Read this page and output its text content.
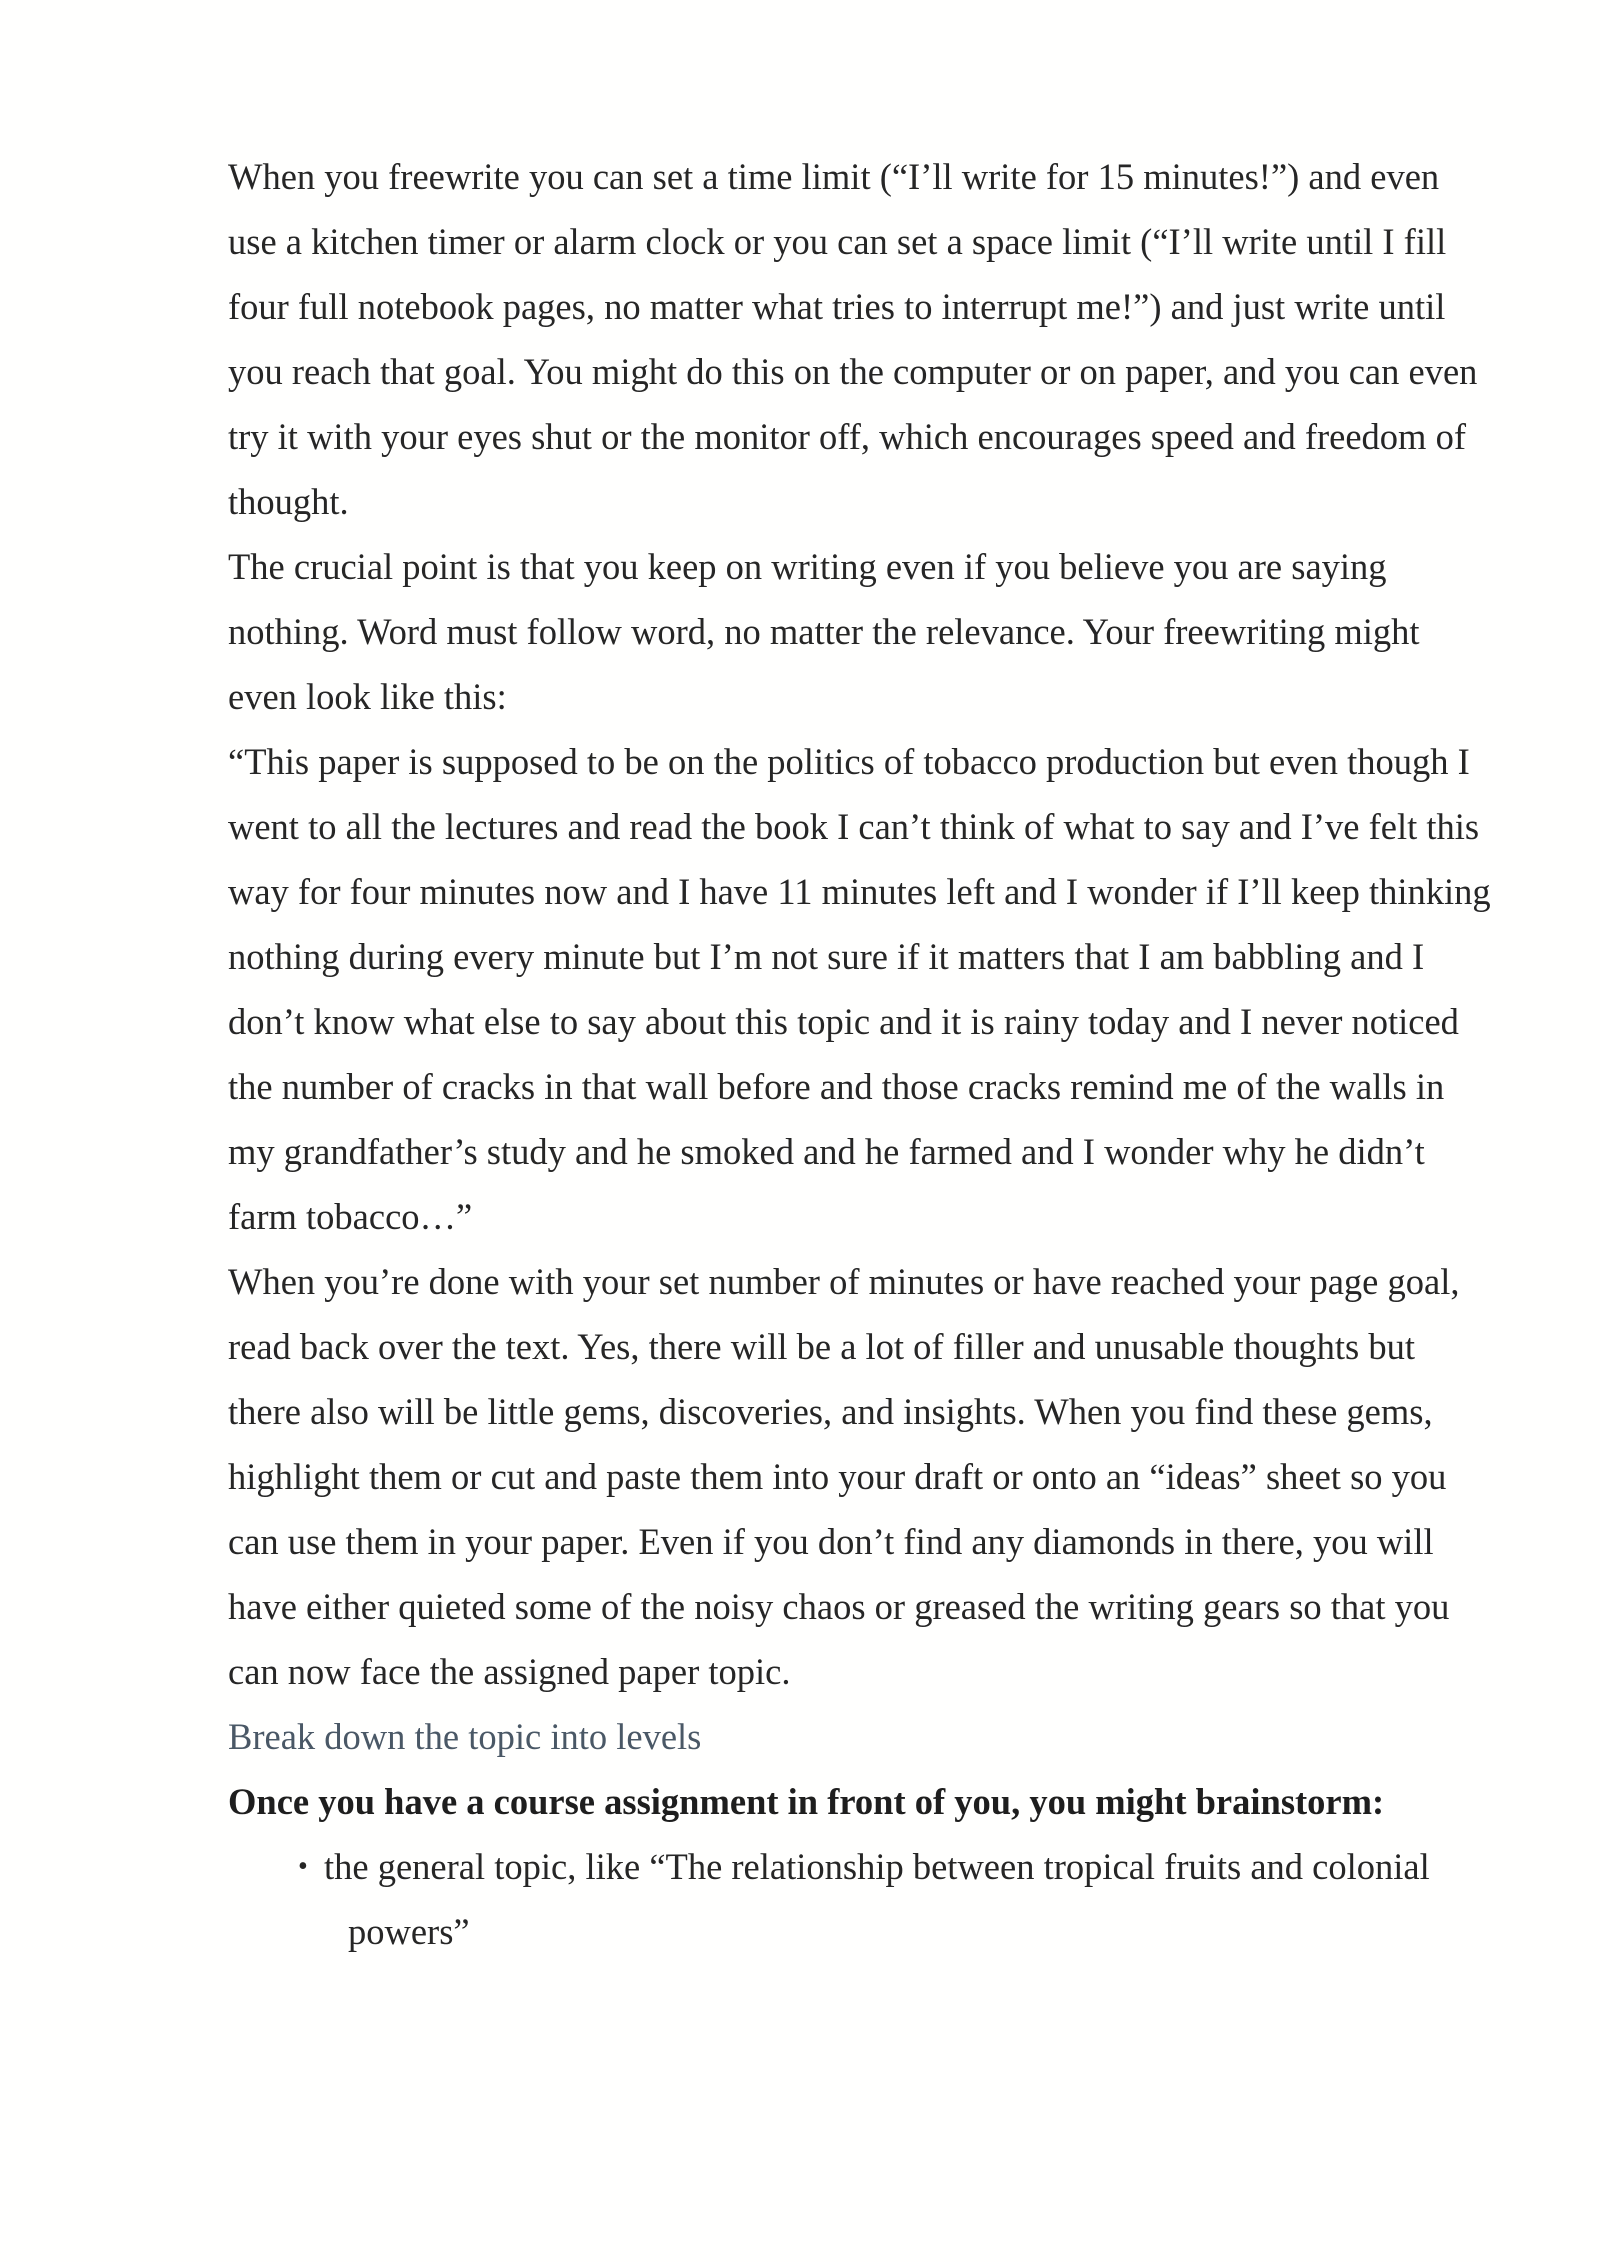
When you freewrite you can set a time limit (“I’ll write for 15 minutes!”) and even use a kitchen timer or alarm clock or you can set a space limit (“I’ll write until I fill four full notebook pages, no matter what tries to interrupt me!”) and just write until you reach that goal. You might do this on the computer or on paper, and you can even try it with your eyes shut or the monitor off, which encourages speed and freedom of thought.

The crucial point is that you keep on writing even if you believe you are saying nothing. Word must follow word, no matter the relevance. Your freewriting might even look like this:

“This paper is supposed to be on the politics of tobacco production but even though I went to all the lectures and read the book I can’t think of what to say and I’ve felt this way for four minutes now and I have 11 minutes left and I wonder if I’ll keep thinking nothing during every minute but I’m not sure if it matters that I am babbling and I don’t know what else to say about this topic and it is rainy today and I never noticed the number of cracks in that wall before and those cracks remind me of the walls in my grandfather’s study and he smoked and he farmed and I wonder why he didn’t farm tobacco…”

When you’re done with your set number of minutes or have reached your page goal, read back over the text. Yes, there will be a lot of filler and unusable thoughts but there also will be little gems, discoveries, and insights. When you find these gems, highlight them or cut and paste them into your draft or onto an “ideas” sheet so you can use them in your paper. Even if you don’t find any diamonds in there, you will have either quieted some of the noisy chaos or greased the writing gears so that you can now face the assigned paper topic.

Break down the topic into levels

Once you have a course assignment in front of you, you might brainstorm:

• the general topic, like “The relationship between tropical fruits and colonial
powers”
